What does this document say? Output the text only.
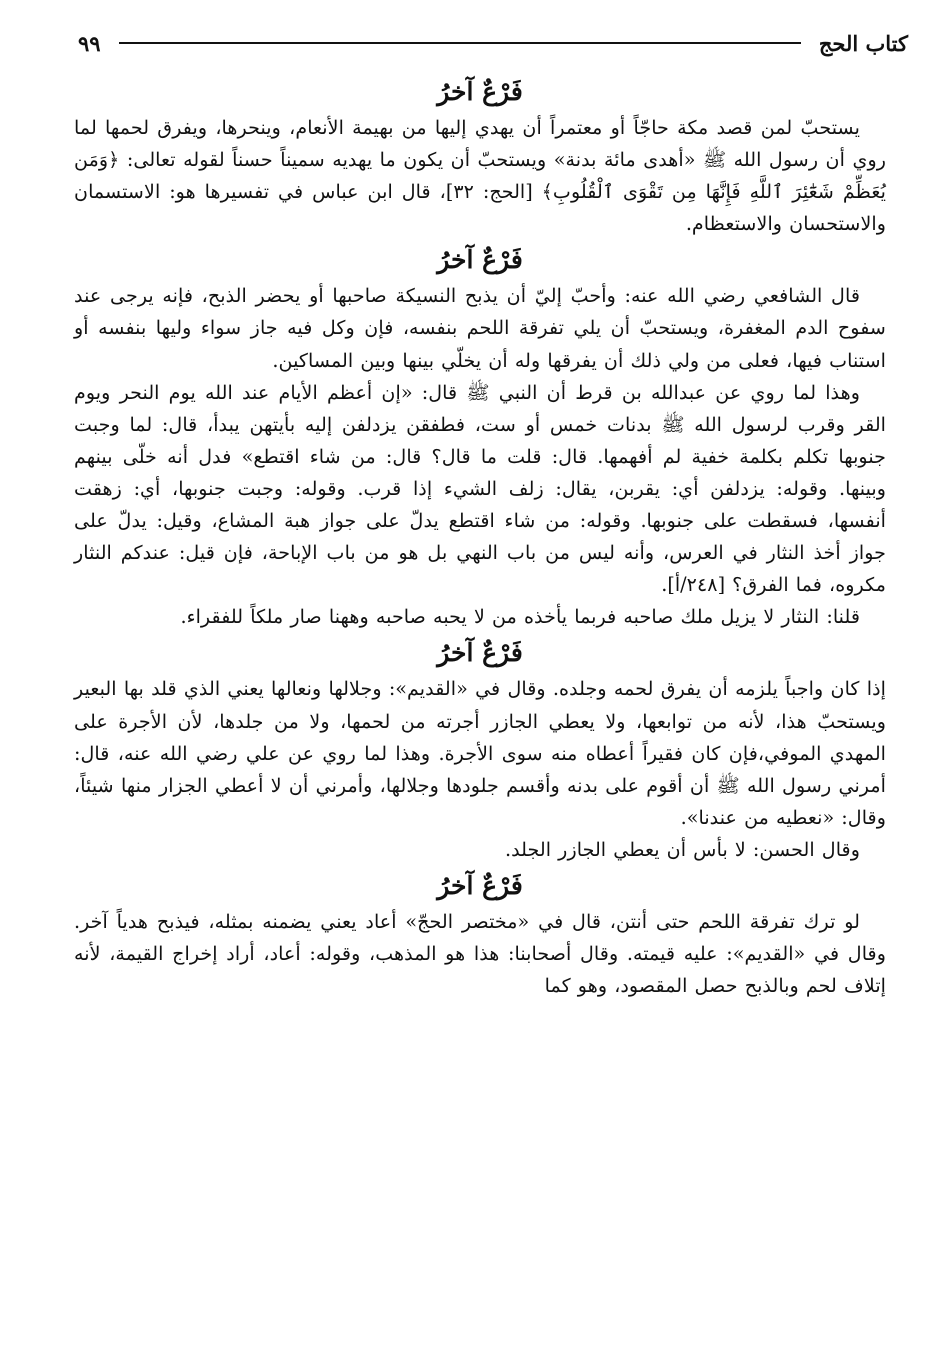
كتاب الحج
٩٩
فَرْعٌ آخرُ

يستحبّ لمن قصد مكة حاجّاً أو معتمراً أن يهدي إليها من بهيمة الأنعام، وينحرها، ويفرق لحمها لما روي أن رسول الله ﷺ «أهدى مائة بدنة» ويستحبّ أن يكون ما يهديه سميناً حسناً لقوله تعالى: ﴿وَمَن يُعَظِّمْ شَعَٰٓئِرَ ٱللَّهِ فَإِنَّهَا مِن تَقْوَى ٱلْقُلُوبِ﴾ [الحج: ٣٢]، قال ابن عباس في تفسيرها هو: الاستسمان والاستحسان والاستعظام.

فَرْعٌ آخرُ

قال الشافعي رضي الله عنه: وأحبّ إليّ أن يذبح النسيكة صاحبها أو يحضر الذبح، فإنه يرجى عند سفوح الدم المغفرة، ويستحبّ أن يلي تفرقة اللحم بنفسه، فإن وكل فيه جاز سواء وليها بنفسه أو استناب فيها، فعلى من ولي ذلك أن يفرقها وله أن يخلّي بينها وبين المساكين.

وهذا لما روي عن عبدالله بن قرط أن النبي ﷺ قال: «إن أعظم الأيام عند الله يوم النحر ويوم القر وقرب لرسول الله ﷺ بدنات خمس أو ست، فطفقن يزدلفن إليه بأيتهن يبدأ، قال: لما وجبت جنوبها تكلم بكلمة خفية لم أفهمها. قال: قلت ما قال؟ قال: من شاء اقتطع» فدل أنه خلّى بينهم وبينها. وقوله: يزدلفن أي: يقربن، يقال: زلف الشيء إذا قرب. وقوله: وجبت جنوبها، أي: زهقت أنفسها، فسقطت على جنوبها. وقوله: من شاء اقتطع يدلّ على جواز هبة المشاع، وقيل: يدلّ على جواز أخذ النثار في العرس، وأنه ليس من باب النهي بل هو من باب الإباحة، فإن قيل: عندكم النثار مكروه، فما الفرق؟ [٢٤٨/أ].

قلنا: النثار لا يزيل ملك صاحبه فربما يأخذه من لا يحبه صاحبه وههنا صار ملكاً للفقراء.

فَرْعٌ آخرُ

إذا كان واجباً يلزمه أن يفرق لحمه وجلده. وقال في «القديم»: وجلالها ونعالها يعني الذي قلد بها البعير ويستحبّ هذا، لأنه من توابعها، ولا يعطي الجازر أجرته من لحمها، ولا من جلدها، لأن الأجرة على المهدي الموفي،فإن كان فقيراً أعطاه منه سوى الأجرة. وهذا لما روي عن علي رضي الله عنه، قال: أمرني رسول الله ﷺ أن أقوم على بدنه وأقسم جلودها وجلالها، وأمرني أن لا أعطي الجزار منها شيئاً، وقال: «نعطيه من عندنا».

وقال الحسن: لا بأس أن يعطي الجازر الجلد.

فَرْعٌ آخرُ

لو ترك تفرقة اللحم حتى أنتن، قال في «مختصر الحجّ» أعاد يعني يضمنه بمثله، فيذبح هدياً آخر. وقال في «القديم»: عليه قيمته. وقال أصحابنا: هذا هو المذهب، وقوله: أعاد، أراد إخراج القيمة، لأنه إتلاف لحم وبالذبح حصل المقصود، وهو كما
